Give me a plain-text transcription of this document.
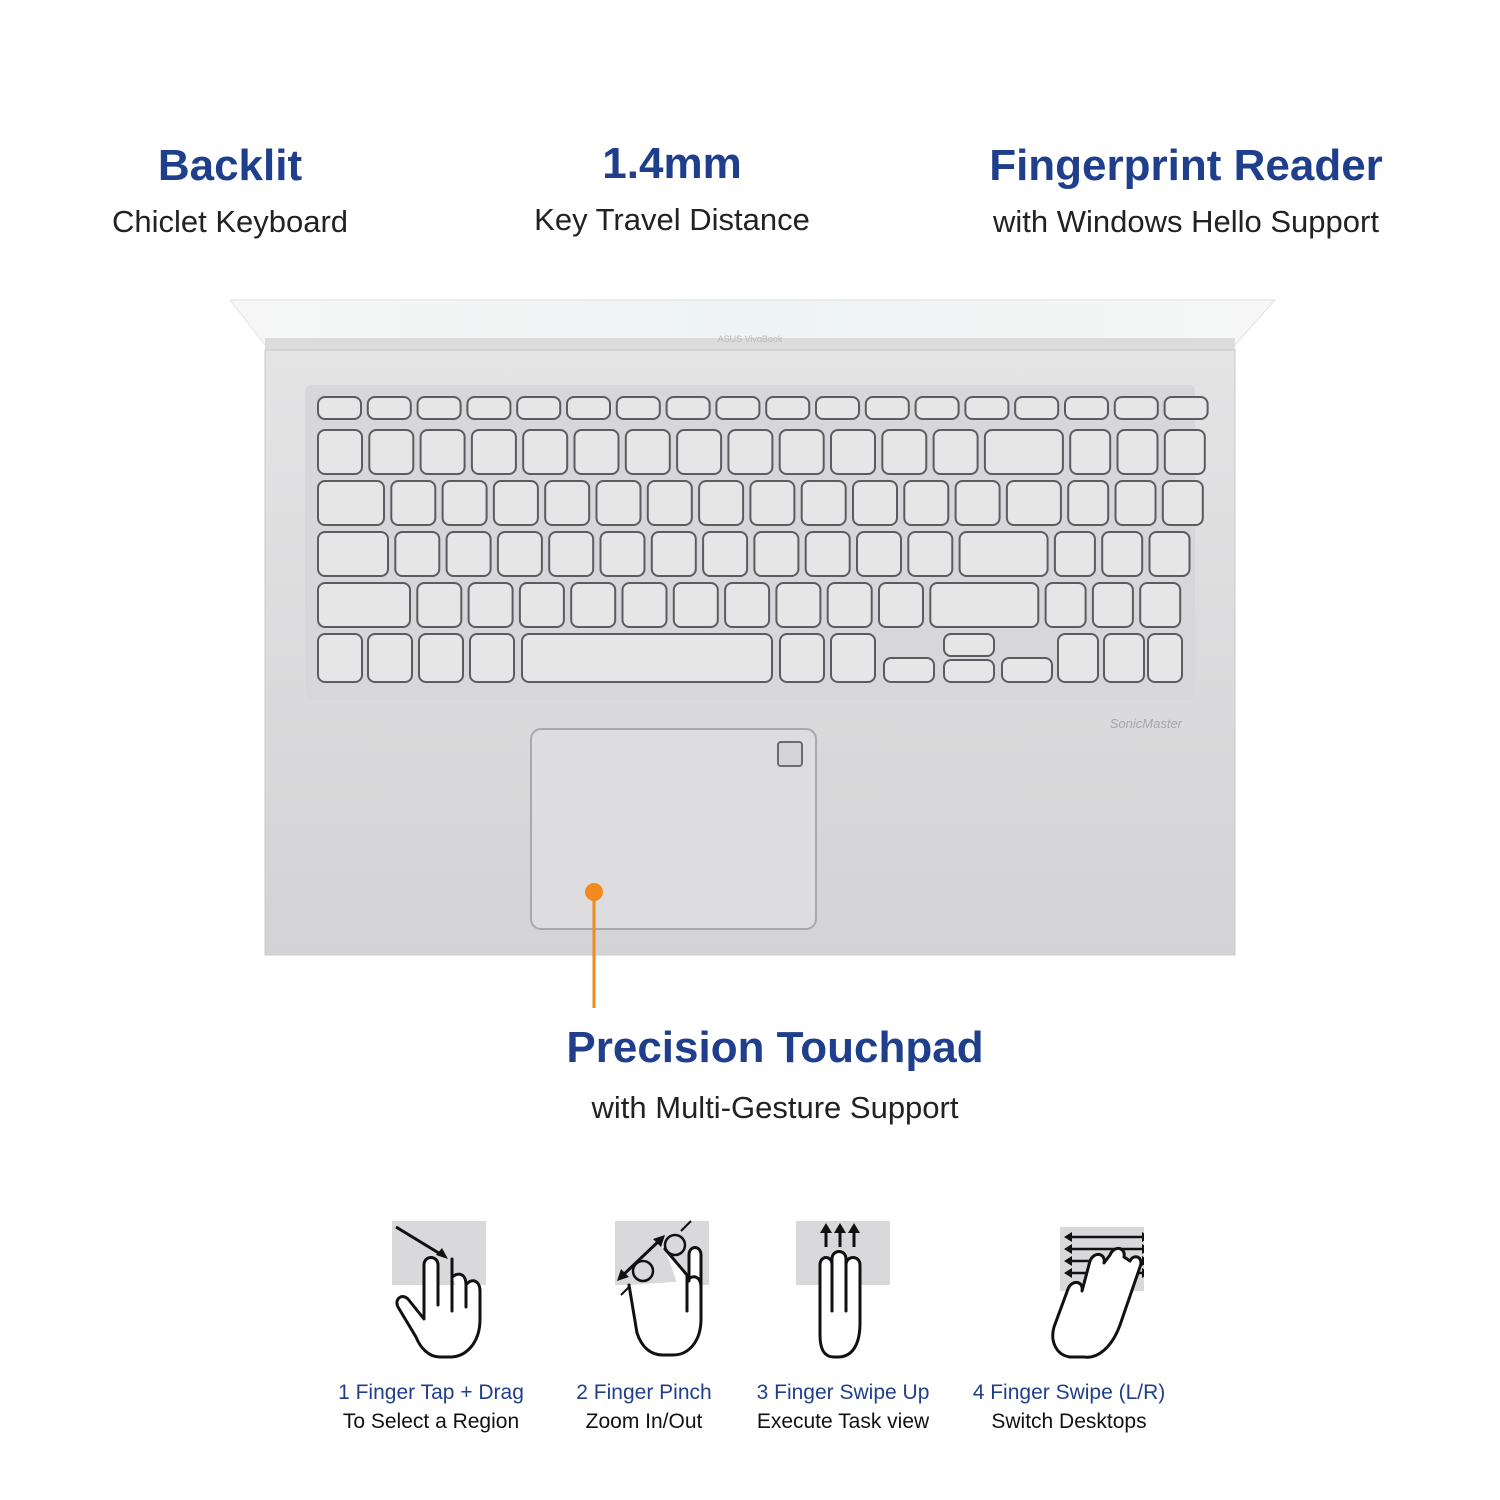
Backlit
Chiclet Keyboard
1.4mm
Key Travel Distance
Fingerprint Reader
with Windows Hello Support
SonicMaster
ASUS VivoBook
Precision Touchpad
with Multi-Gesture Support
1 Finger Tap + Drag
To Select a Region
2 Finger Pinch
Zoom In/Out
3 Finger Swipe Up
Execute Task view
4 Finger Swipe (L/R)
Switch Desktops
